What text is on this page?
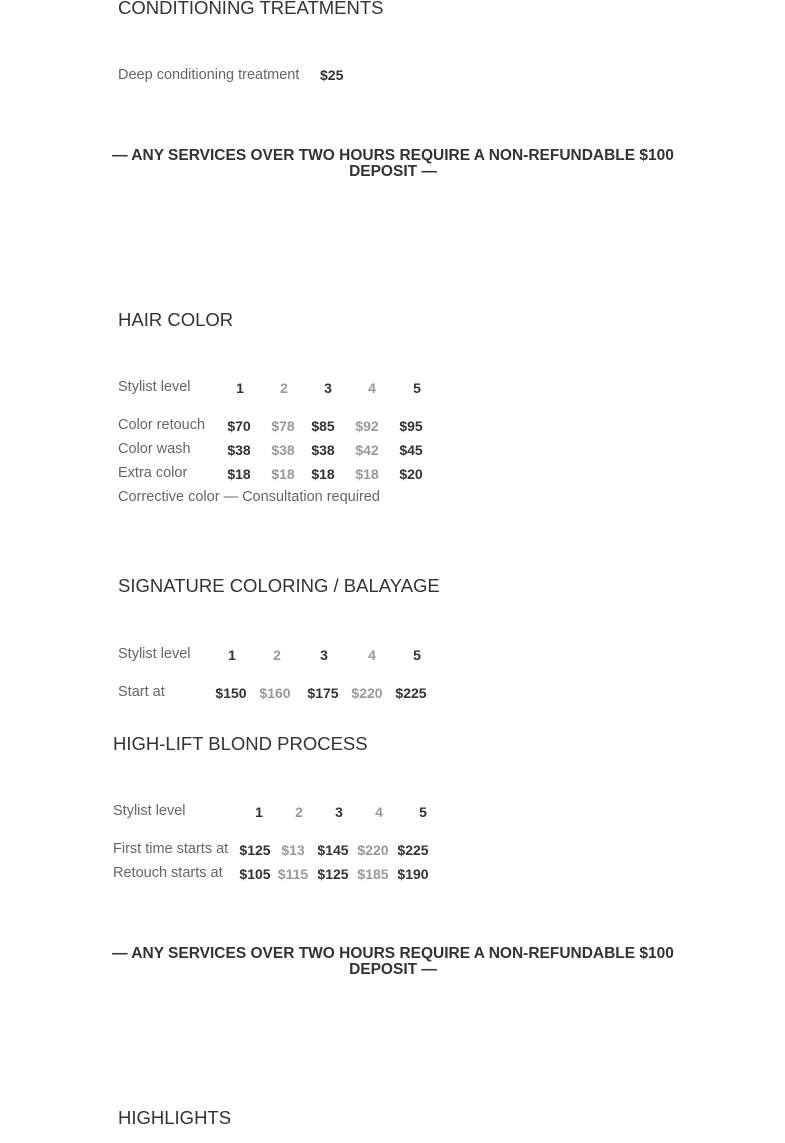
CONDITIONING TREATMENTS
Deep conditioning treatment $25
— ANY SERVICES OVER TWO HOURS REQUIRE A NON-REFUNDABLE $100 DEPOSIT —
HAIR COLOR
Stylist level	1	2	3	4	5
Color retouch	$70	$78	$85	$92	$95
Color wash	$38	$38	$38	$42	$45
Extra color	$18	$18	$18	$18	$20
Corrective color — Consultation required
SIGNATURE COLORING / BALAYAGE
Stylist level	1	2	3	4	5
Start at	$150 $160	$175 $220 $225
HIGH-LIFT BLOND PROCESS
Stylist level	1	2	3	4	5
First time starts at $125 $13 $145 $220 $225
Retouch starts at	$105 $115 $125 $185 $190
— ANY SERVICES OVER TWO HOURS REQUIRE A NON-REFUNDABLE $100 DEPOSIT —
HIGHLIGHTS
